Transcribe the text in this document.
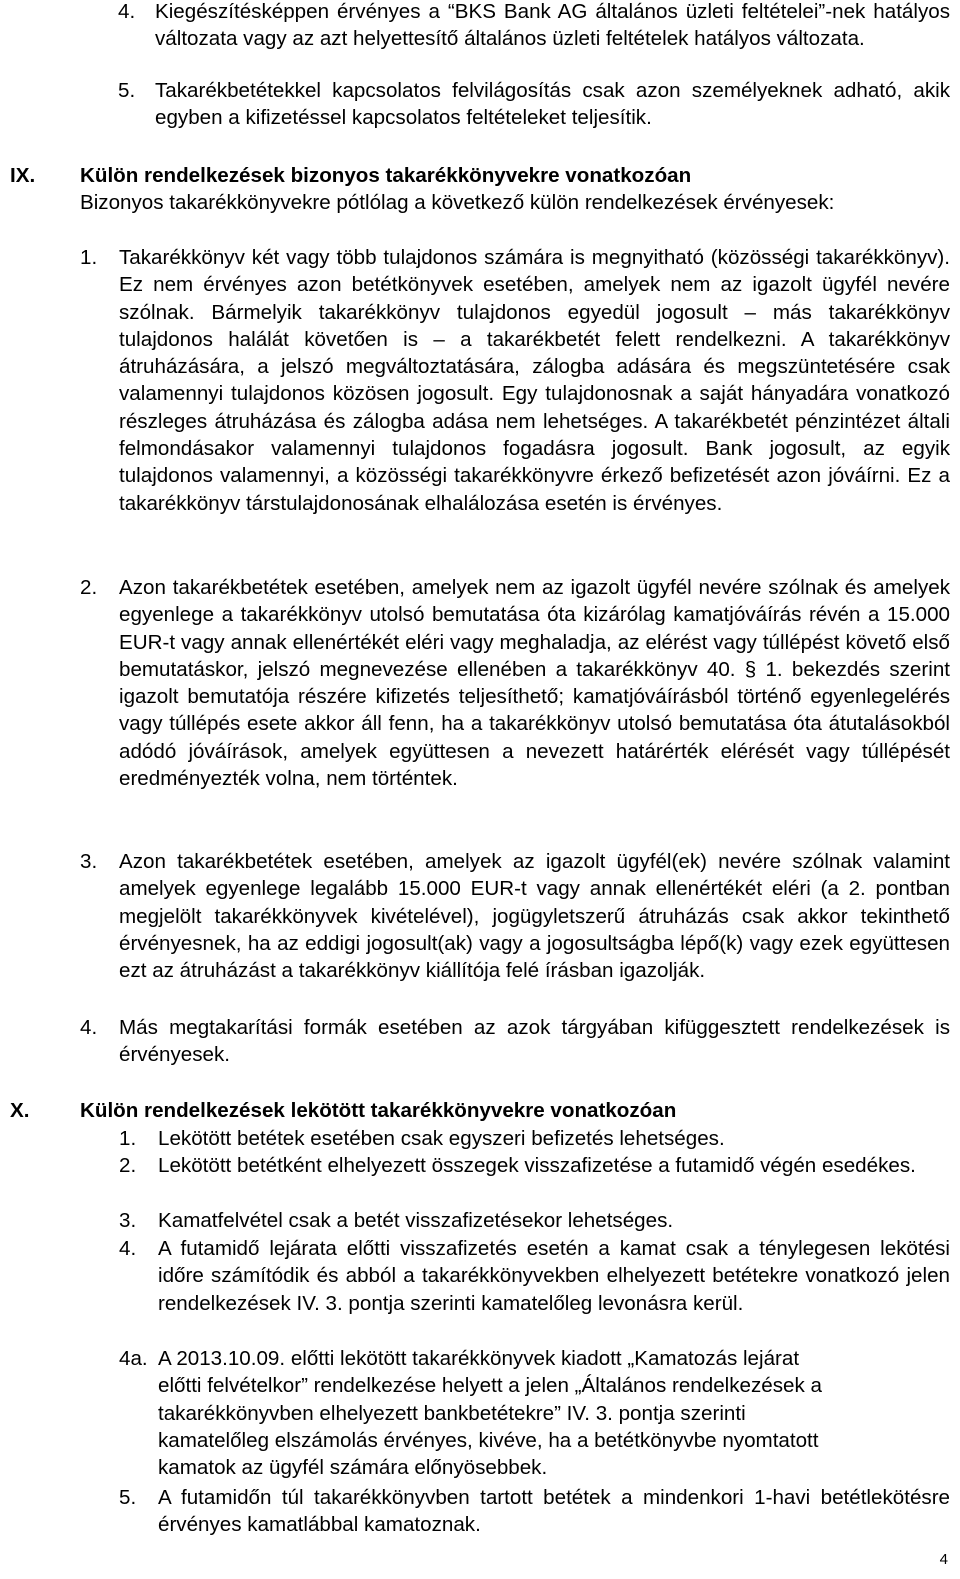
4. Kiegészítésképpen érvényes a “BKS Bank AG általános üzleti feltételei”-nek hatályos változata vagy az azt helyettesítő általános üzleti feltételek hatályos változata.
5. Takarékbetétekkel kapcsolatos felvilágosítás csak azon személyeknek adható, akik egyben a kifizetéssel kapcsolatos feltételeket teljesítik.
IX. Külön rendelkezések bizonyos takarékkönyvekre vonatkozóan

Bizonyos takarékkönyvekre pótlólag a következő külön rendelkezések érvényesek:

1. Takarékkönyv két vagy több tulajdonos számára is megnyitható (közösségi takarékkönyv). Ez nem érvényes azon betétkönyvek esetében, amelyek nem az igazolt ügyfél nevére szólnak. Bármelyik takarékkönyv tulajdonos egyedül jogosult – más takarékkönyv tulajdonos halálát követően is – a takarékbetét felett rendelkezni. A takarékkönyv átruházására, a jelszó megváltoztatására, zálogba adására és megszüntetésére csak valamennyi tulajdonos közösen jogosult. Egy tulajdonosnak a saját hányadára vonatkozó részleges átruházása és zálogba adása nem lehetséges. A takarékbetét pénzintézet általi felmondásakor valamennyi tulajdonos fogadásra jogosult. Bank jogosult, az egyik tulajdonos valamennyi, a közösségi takarékkönyvre érkező befizetését azon jóváírni. Ez a takarékkönyv társtulajdonosának elhalálozása esetén is érvényes.
2. Azon takarékbetétek esetében, amelyek nem az igazolt ügyfél nevére szólnak és amelyek egyenlege a takarékkönyv utolsó bemutatása óta kizárólag kamatjóváírás révén a 15.000 EUR-t vagy annak ellenértékét eléri vagy meghaladja, az elérést vagy túllépést követő első bemutatáskor, jelszó megnevezése ellenében a takarékkönyv 40. § 1. bekezdés szerint igazolt bemutatója részére kifizetés teljesíthető; kamatjóváírásból történő egyenlegelérés vagy túllépés esete akkor áll fenn, ha a takarékkönyv utolsó bemutatása óta átutalásokból adódó jóváírások, amelyek együttesen a nevezett határérték elérését vagy túllépését eredményezték volna, nem történtek.
3. Azon takarékbetétek esetében, amelyek az igazolt ügyfél(ek) nevére szólnak valamint amelyek egyenlege legalább 15.000 EUR-t vagy annak ellenértékét eléri (a 2. pontban megjelölt takarékkönyvek kivételével), jogügyletszerű átruházás csak akkor tekinthető érvényesnek, ha az eddigi jogosult(ak) vagy a jogosultságba lépő(k) vagy ezek együttesen ezt az átruházást a takarékkönyv kiállítója felé írásban igazolják.
4. Más megtakarítási formák esetében az azok tárgyában kifüggesztett rendelkezések is érvényesek.
X. Külön rendelkezések lekötött takarékkönyvekre vonatkozóan
1. Lekötött betétek esetében csak egyszeri befizetés lehetséges.
2. Lekötött betétként elhelyezett összegek visszafizetése a futamidő végén esedékes.
3. Kamatfelvétel csak a betét visszafizetésekor lehetséges.
4. A futamidő lejárata előtti visszafizetés esetén a kamat csak a ténylegesen lekötési időre számítódik és abból a takarékkönyvekben elhelyezett betétekre vonatkozó jelen rendelkezések IV. 3. pontja szerinti kamatelőleg levonásra kerül.
4a. A 2013.10.09. előtti lekötött takarékkönyvek kiadott „Kamatozás lejárat
előtti felvételkor” rendelkezése helyett a jelen „Általános rendelkezések a
takarékkönyvben elhelyezett bankbetétekre” IV. 3. pontja szerinti
kamatelőleg elszámolás érvényes, kivéve, ha a betétkönyvbe nyomtatott
kamatok az ügyfél számára előnyösebbek.
5. A futamidőn túl takarékkönyvben tartott betétek a mindenkori 1-havi betétlekötésre érvényes kamatlábbal kamatoznak.
4
